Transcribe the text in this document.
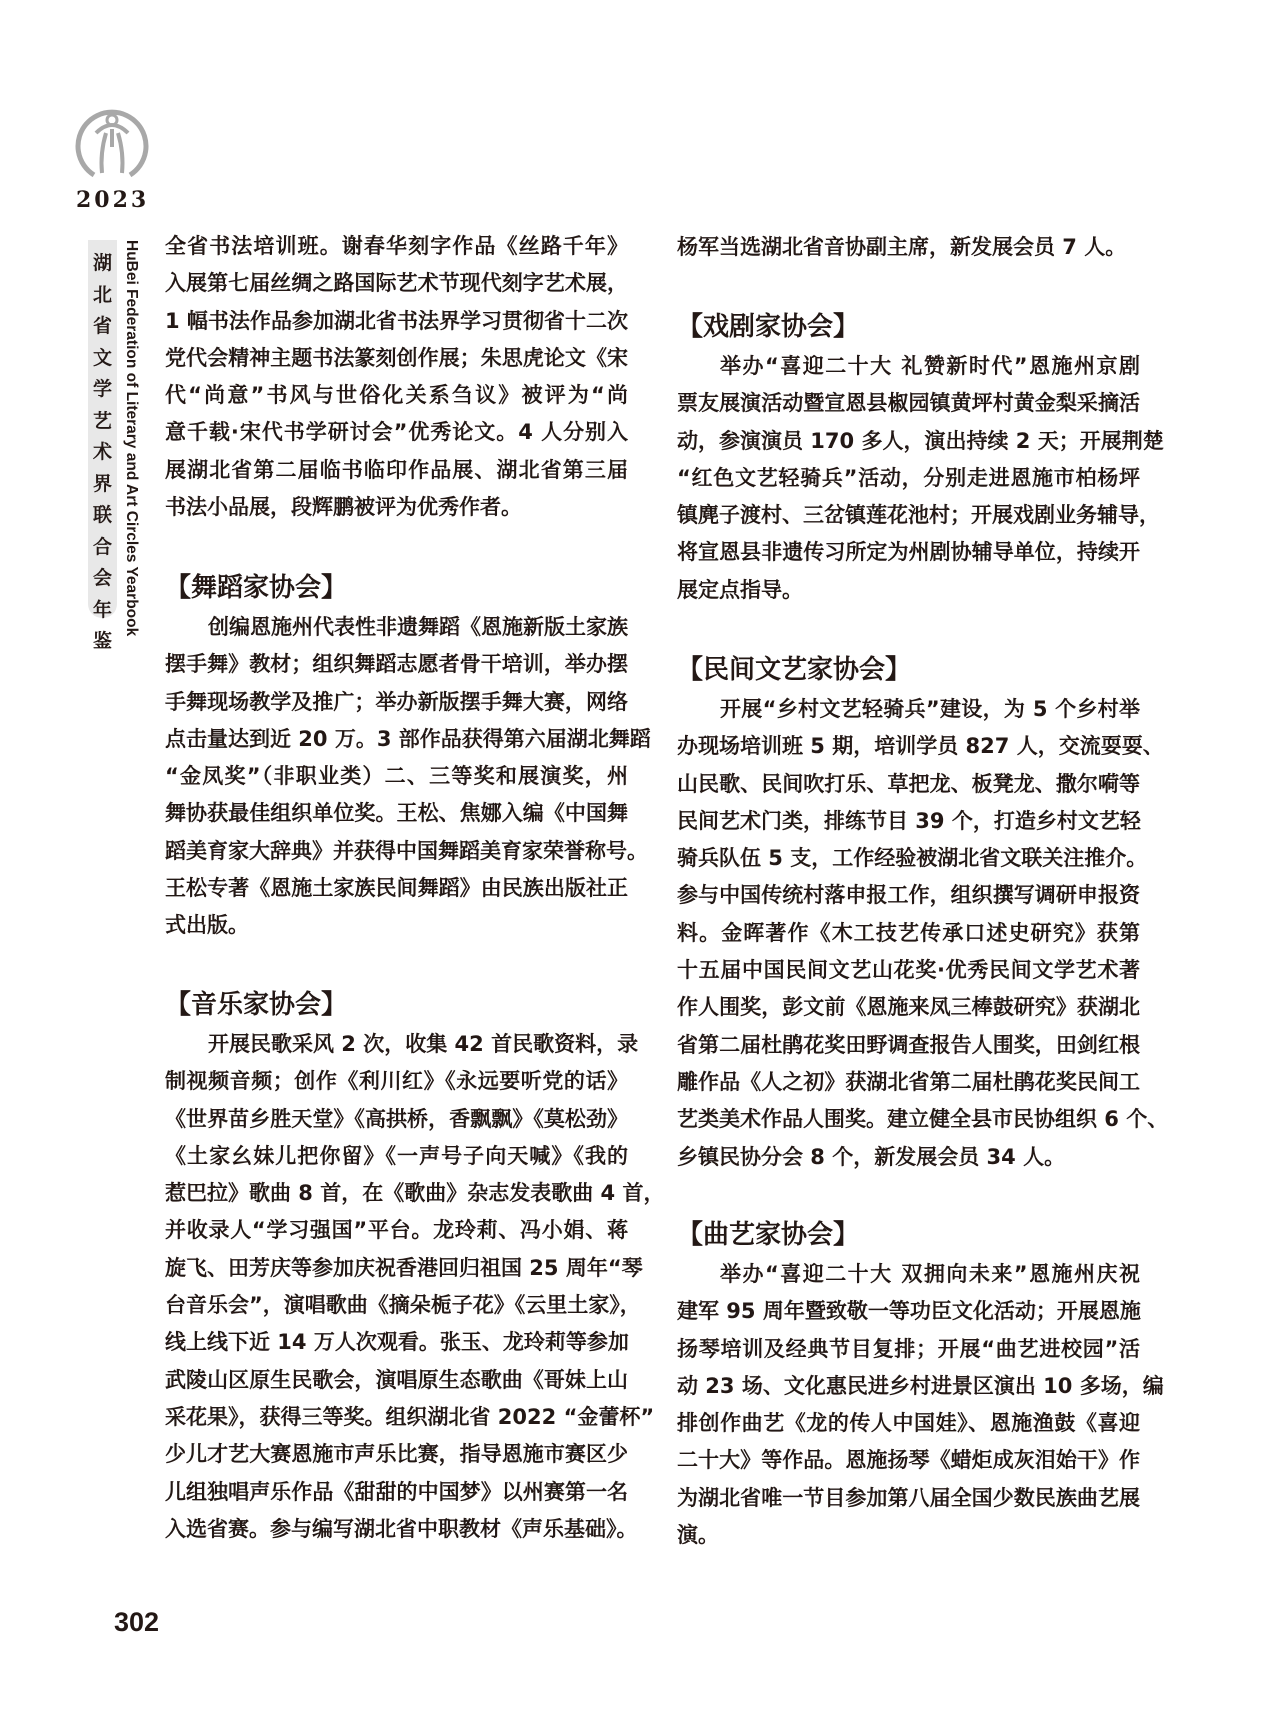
2023
湖
北
省
文
学
艺
术
界
联
合
会
年
鉴
HuBei Federation of Literary and Art Circles Yearbook 全省书法培训班。谢春华刻字作品《丝路千年》
入展第七届丝绸之路国际艺术节现代刻字艺术展，
1 幅书法作品参加湖北省书法界学习贯彻省十二次
党代会精神主题书法篆刻创作展；朱思虎论文《宋
代“尚意”书风与世俗化关系刍议》被评为“尚
意千载·宋代书学研讨会”优秀论文。4 人分别入
展湖北省第二届临书临印作品展、湖北省第三届
书法小品展，段辉鹏被评为优秀作者。
【舞蹈家协会】
创编恩施州代表性非遗舞蹈《恩施新版土家族
摆手舞》教材；组织舞蹈志愿者骨干培训，举办摆
手舞现场教学及推广；举办新版摆手舞大赛，网络
点击量达到近 20 万。3 部作品获得第六届湖北舞蹈
“金凤奖”（非职业类）二、三等奖和展演奖，州
舞协获最佳组织单位奖。王松、焦娜入编《中国舞
蹈美育家大辞典》并获得中国舞蹈美育家荣誉称号。
王松专著《恩施土家族民间舞蹈》由民族出版社正
式出版。
【音乐家协会】
开展民歌采风 2 次，收集 42 首民歌资料，录
制视频音频；创作《利川红》《永远要听党的话》
《世界苗乡胜天堂》《高拱桥，香飘飘》《莫松劲》
《土家幺妹儿把你留》《一声号子向天喊》《我的
惹巴拉》歌曲 8 首，在《歌曲》杂志发表歌曲 4 首，
并收录人“学习强国”平台。龙玲莉、冯小娟、蒋
旋飞、田芳庆等参加庆祝香港回归祖国 25 周年“琴
台音乐会”，演唱歌曲《摘朵栀子花》《云里土家》，
线上线下近 14 万人次观看。张玉、龙玲莉等参加
武陵山区原生民歌会，演唱原生态歌曲《哥妹上山
采花果》，获得三等奖。组织湖北省 2022 “金蕾杯”
少儿才艺大赛恩施市声乐比赛，指导恩施市赛区少
儿组独唱声乐作品《甜甜的中国梦》以州赛第一名
入选省赛。参与编写湖北省中职教材《声乐基础》。
杨军当选湖北省音协副主席，新发展会员 7 人。
【戏剧家协会】
举办“喜迎二十大 礼赞新时代”恩施州京剧
票友展演活动暨宣恩县椒园镇黄坪村黄金梨采摘活
动，参演演员 170 多人，演出持续 2 天；开展荆楚
“红色文艺轻骑兵”活动，分别走进恩施市柏杨坪
镇麂子渡村、三岔镇莲花池村；开展戏剧业务辅导，
将宣恩县非遗传习所定为州剧协辅导单位，持续开
展定点指导。
【民间文艺家协会】
开展“乡村文艺轻骑兵”建设，为 5 个乡村举
办现场培训班 5 期，培训学员 827 人，交流耍耍、
山民歌、民间吹打乐、草把龙、板凳龙、撒尔嗬等
民间艺术门类，排练节目 39 个，打造乡村文艺轻
骑兵队伍 5 支，工作经验被湖北省文联关注推介。
参与中国传统村落申报工作，组织撰写调研申报资
料。金晖著作《木工技艺传承口述史研究》获第
十五届中国民间文艺山花奖·优秀民间文学艺术著
作人围奖，彭文前《恩施来凤三棒鼓研究》获湖北
省第二届杜鹃花奖田野调查报告人围奖，田剑红根
雕作品《人之初》获湖北省第二届杜鹃花奖民间工
艺类美术作品人围奖。建立健全县市民协组织 6 个、
乡镇民协分会 8 个，新发展会员 34 人。
【曲艺家协会】
举办“喜迎二十大 双拥向未来”恩施州庆祝
建军 95 周年暨致敬一等功臣文化活动；开展恩施
扬琴培训及经典节目复排；开展“曲艺进校园”活
动 23 场、文化惠民进乡村进景区演出 10 多场，编
排创作曲艺《龙的传人中国娃》、恩施渔鼓《喜迎
二十大》等作品。恩施扬琴《蜡炬成灰泪始干》作
为湖北省唯一节目参加第八届全国少数民族曲艺展
演。
302
